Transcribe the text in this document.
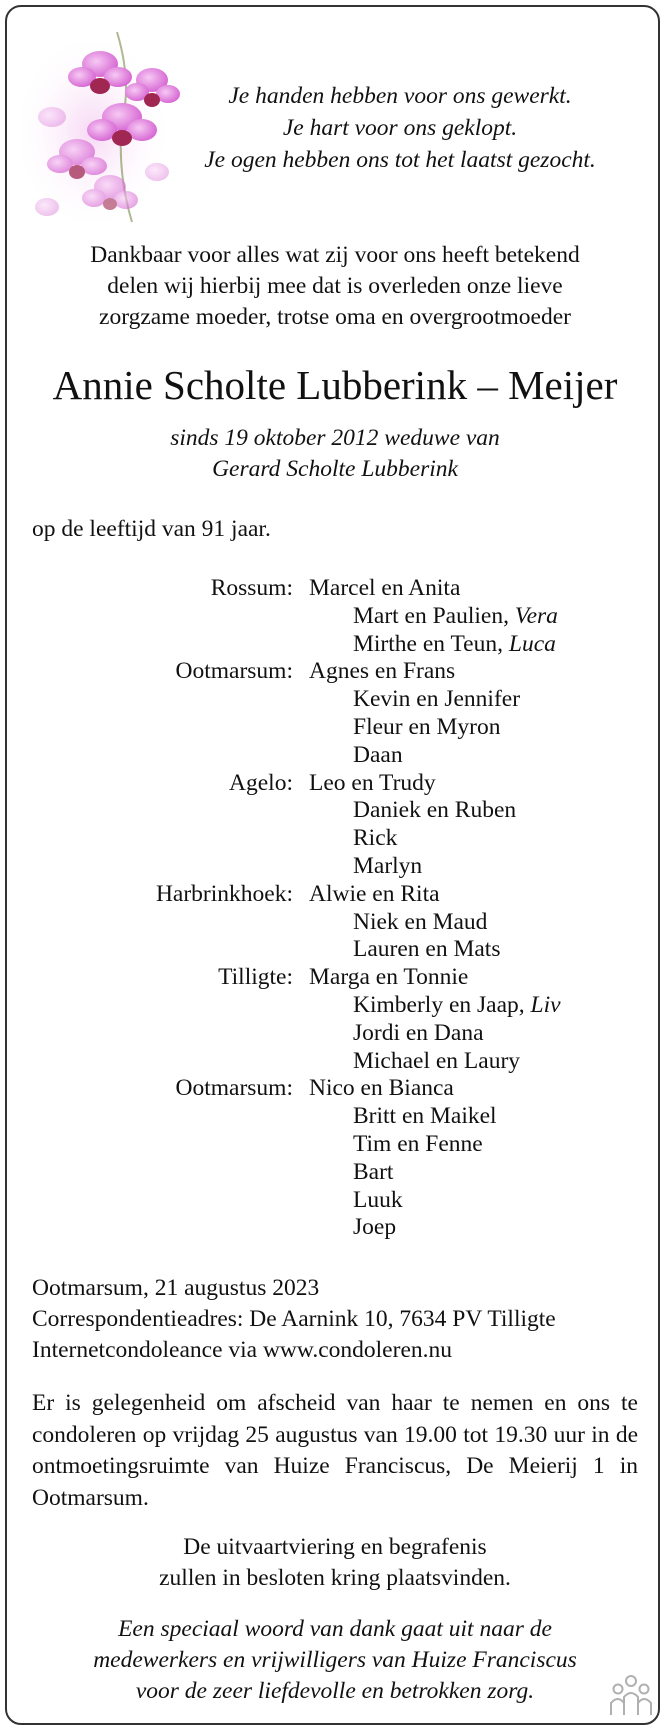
Je handen hebben voor ons gewerkt.
Je hart voor ons geklopt.
Je ogen hebben ons tot het laatst gezocht.
Dankbaar voor alles wat zij voor ons heeft betekend
delen wij hierbij mee dat is overleden onze lieve
zorgzame moeder, trotse oma en overgrootmoeder
Annie Scholte Lubberink – Meijer
sinds 19 oktober 2012 weduwe van
Gerard Scholte Lubberink
op de leeftijd van 91 jaar.
Rossum: Marcel en Anita
Mart en Paulien, Vera
Mirthe en Teun, Luca
Ootmarsum: Agnes en Frans
Kevin en Jennifer
Fleur en Myron
Daan
Agelo: Leo en Trudy
Daniek en Ruben
Rick
Marlyn
Harbrinkhoek: Alwie en Rita
Niek en Maud
Lauren en Mats
Tilligte: Marga en Tonnie
Kimberly en Jaap, Liv
Jordi en Dana
Michael en Laury
Ootmarsum: Nico en Bianca
Britt en Maikel
Tim en Fenne
Bart
Luuk
Joep
Ootmarsum, 21 augustus 2023
Correspondentieadres: De Aarnink 10, 7634 PV Tilligte
Internetcondoleance via www.condoleren.nu
Er is gelegenheid om afscheid van haar te nemen en ons te condoleren op vrijdag 25 augustus van 19.00 tot 19.30 uur in de ontmoetingsruimte van Huize Franciscus, De Meierij 1 in Ootmarsum.
De uitvaartviering en begrafenis
zullen in besloten kring plaatsvinden.
Een speciaal woord van dank gaat uit naar de
medewerkers en vrijwilligers van Huize Franciscus
voor de zeer liefdevolle en betrokken zorg.
